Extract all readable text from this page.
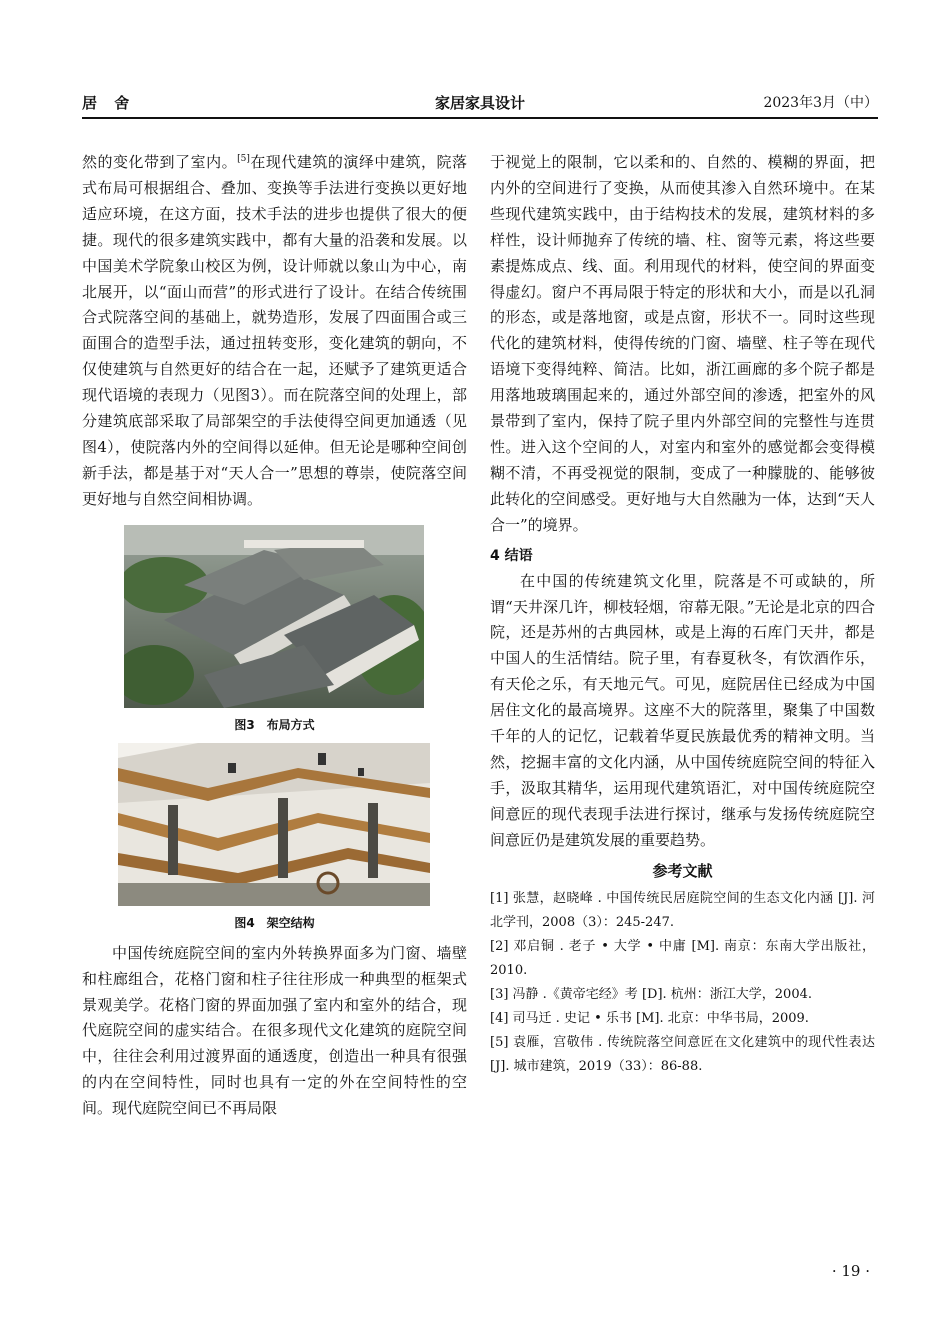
家居家具设计
居 舍	2023年3月（中）

然的变化带到了室内。[5]在现代建筑的演绎中建筑，院落式布局可根据组合、叠加、变换等手法进行变换以更好地适应环境，在这方面，技术手法的进步也提供了很大的便捷。现代的很多建筑实践中，都有大量的沿袭和发展。以中国美术学院象山校区为例，设计师就以象山为中心，南北展开，以“面山而营”的形式进行了设计。在结合传统围合式院落空间的基础上，就势造形，发展了四面围合或三面围合的造型手法，通过扭转变形，变化建筑的朝向，不仅使建筑与自然更好的结合在一起，还赋予了建筑更适合现代语境的表现力（见图3）。而在院落空间的处理上，部分建筑底部采取了局部架空的手法使得空间更加通透（见图4），使院落内外的空间得以延伸。但无论是哪种空间创新手法，都是基于对“天人合一”思想的尊崇，使院落空间更好地与自然空间相协调。

图3 布局方式
图4 架空结构

中国传统庭院空间的室内外转换界面多为门窗、墙壁和柱廊组合，花格门窗和柱子往往形成一种典型的框架式景观美学。花格门窗的界面加强了室内和室外的结合，现代庭院空间的虚实结合。在很多现代文化建筑的庭院空间中，往往会利用过渡界面的通透度，创造出一种具有很强的内在空间特性，同时也具有一定的外在空间特性的空间。现代庭院空间已不再局限

于视觉上的限制，它以柔和的、自然的、模糊的界面，把内外的空间进行了变换，从而使其渗入自然环境中。在某些现代建筑实践中，由于结构技术的发展，建筑材料的多样性，设计师抛弃了传统的墙、柱、窗等元素，将这些要素提炼成点、线、面。利用现代的材料，使空间的界面变得虚幻。窗户不再局限于特定的形状和大小，而是以孔洞的形态，或是落地窗，或是点窗，形状不一。同时这些现代化的建筑材料，使得传统的门窗、墙壁、柱子等在现代语境下变得纯粹、简洁。比如，浙江画廊的多个院子都是用落地玻璃围起来的，通过外部空间的渗透，把室外的风景带到了室内，保持了院子里内外部空间的完整性与连贯性。进入这个空间的人，对室内和室外的感觉都会变得模糊不清，不再受视觉的限制，变成了一种朦胧的、能够彼此转化的空间感受。更好地与大自然融为一体，达到“天人合一”的境界。

4 结语

在中国的传统建筑文化里，院落是不可或缺的，所谓“天井深几许，柳枝轻烟，帘幕无限。”无论是北京的四合院，还是苏州的古典园林，或是上海的石库门天井，都是中国人的生活情结。院子里，有春夏秋冬，有饮酒作乐，有天伦之乐，有天地元气。可见，庭院居住已经成为中国居住文化的最高境界。这座不大的院落里，聚集了中国数千年的人的记忆，记载着华夏民族最优秀的精神文明。当然，挖掘丰富的文化内涵，从中国传统庭院空间的特征入手，汲取其精华，运用现代建筑语汇，对中国传统庭院空间意匠的现代表现手法进行探讨，继承与发扬传统庭院空间意匠仍是建筑发展的重要趋势。

参考文献

[1] 张慧，赵晓峰 . 中国传统民居庭院空间的生态文化内涵 [J]. 河北学刊，2008（3）：245-247.

[2] 邓启铜 . 老子 • 大学 • 中庸 [M]. 南京：东南大学出版社，2010.

[3] 冯静 .《黄帝宅经》考 [D]. 杭州：浙江大学，2004.

[4] 司马迁 . 史记 • 乐书 [M]. 北京：中华书局，2009.

[5] 袁雁，宫敬伟 . 传统院落空间意匠在文化建筑中的现代性表达 [J]. 城市建筑，2019（33）：86-88.

· 19 ·
